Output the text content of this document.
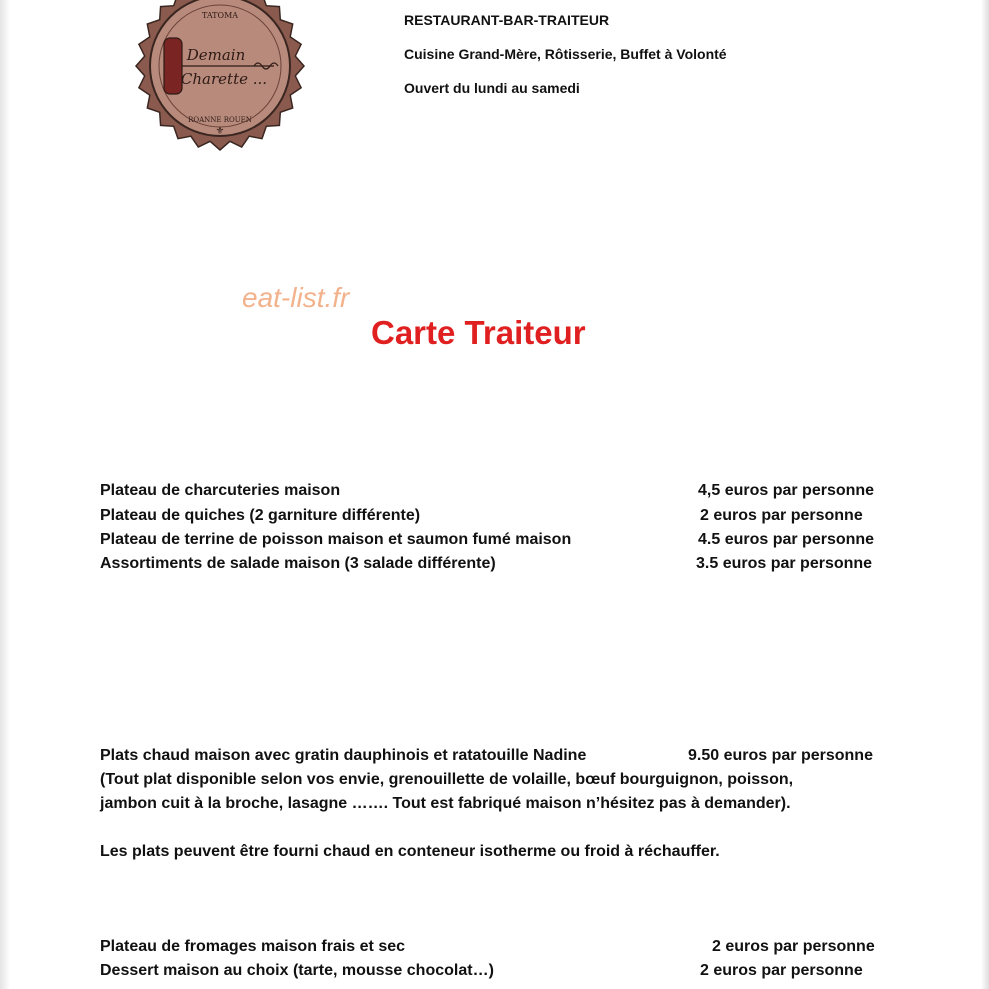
TATOMA
Demain
Charette ...
ROANNE ROUEN
⚜
RESTAURANT-BAR-TRAITEUR
Cuisine Grand-Mère, Rôtisserie, Buffet à Volonté
Ouvert du lundi au samedi
eat-list.fr
Carte Traiteur
Plateau de charcuteries maison	4,5 euros par personne
Plateau de quiches (2 garniture différente)	2 euros par personne
Plateau de terrine de poisson maison et saumon fumé maison	4.5 euros par personne
Assortiments de salade maison (3 salade différente)	3.5 euros par personne
Plats chaud maison avec gratin dauphinois et ratatouille Nadine	9.50 euros par personne
(Tout plat disponible selon vos envie, grenouillette de volaille, bœuf bourguignon, poisson,
jambon cuit à la broche, lasagne ……. Tout est fabriqué maison n’hésitez pas à demander).
Les plats peuvent être fourni chaud en conteneur isotherme ou froid à réchauffer.
Plateau de fromages maison frais et sec	2 euros par personne
Dessert maison au choix (tarte, mousse chocolat…)	2 euros par personne
